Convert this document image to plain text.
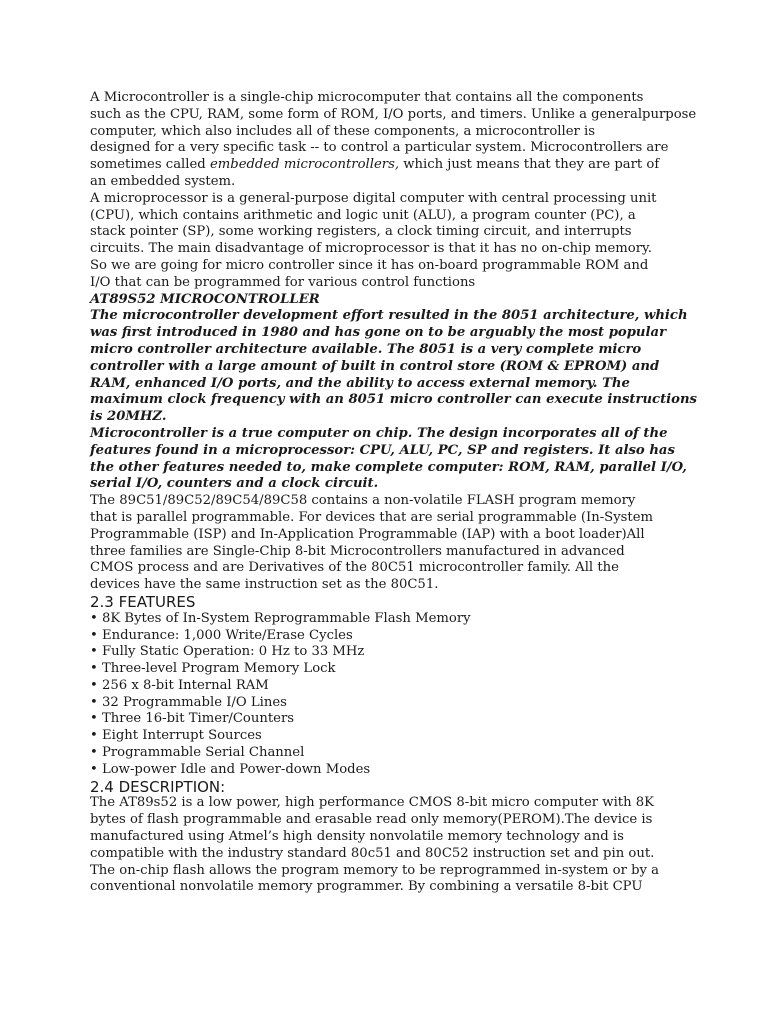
A Microcontroller is a single-chip microcomputer that contains all the components
such as the CPU, RAM, some form of ROM, I/O ports, and timers. Unlike a generalpurpose
computer, which also includes all of these components, a microcontroller is
designed for a very specific task -- to control a particular system. Microcontrollers are
sometimes called embedded microcontrollers, which just means that they are part of
an embedded system.
A microprocessor is a general-purpose digital computer with central processing unit
(CPU), which contains arithmetic and logic unit (ALU), a program counter (PC), a
stack pointer (SP), some working registers, a clock timing circuit, and interrupts
circuits. The main disadvantage of microprocessor is that it has no on-chip memory.
So we are going for micro controller since it has on-board programmable ROM and
I/O that can be programmed for various control functions
AT89S52 MICROCONTROLLER
The microcontroller development effort resulted in the 8051 architecture, which
was first introduced in 1980 and has gone on to be arguably the most popular
micro controller architecture available. The 8051 is a very complete micro
controller with a large amount of built in control store (ROM & EPROM) and
RAM, enhanced I/O ports, and the ability to access external memory. The
maximum clock frequency with an 8051 micro controller can execute instructions
is 20MHZ.
Microcontroller is a true computer on chip. The design incorporates all of the
features found in a microprocessor: CPU, ALU, PC, SP and registers. It also has
the other features needed to, make complete computer: ROM, RAM, parallel I/O,
serial I/O, counters and a clock circuit.
The 89C51/89C52/89C54/89C58 contains a non-volatile FLASH program memory
that is parallel programmable. For devices that are serial programmable (In-System
Programmable (ISP) and In-Application Programmable (IAP) with a boot loader)All
three families are Single-Chip 8-bit Microcontrollers manufactured in advanced
CMOS process and are Derivatives of the 80C51 microcontroller family. All the
devices have the same instruction set as the 80C51.
2.3 FEATURES
• 8K Bytes of In-System Reprogrammable Flash Memory
• Endurance: 1,000 Write/Erase Cycles
• Fully Static Operation: 0 Hz to 33 MHz
• Three-level Program Memory Lock
• 256 x 8-bit Internal RAM
• 32 Programmable I/O Lines
• Three 16-bit Timer/Counters
• Eight Interrupt Sources
• Programmable Serial Channel
• Low-power Idle and Power-down Modes
2.4 DESCRIPTION:
The AT89s52 is a low power, high performance CMOS 8-bit micro computer with 8K
bytes of flash programmable and erasable read only memory(PEROM).The device is
manufactured using Atmel’s high density nonvolatile memory technology and is
compatible with the industry standard 80c51 and 80C52 instruction set and pin out.
The on-chip flash allows the program memory to be reprogrammed in-system or by a
conventional nonvolatile memory programmer. By combining a versatile 8-bit CPU
